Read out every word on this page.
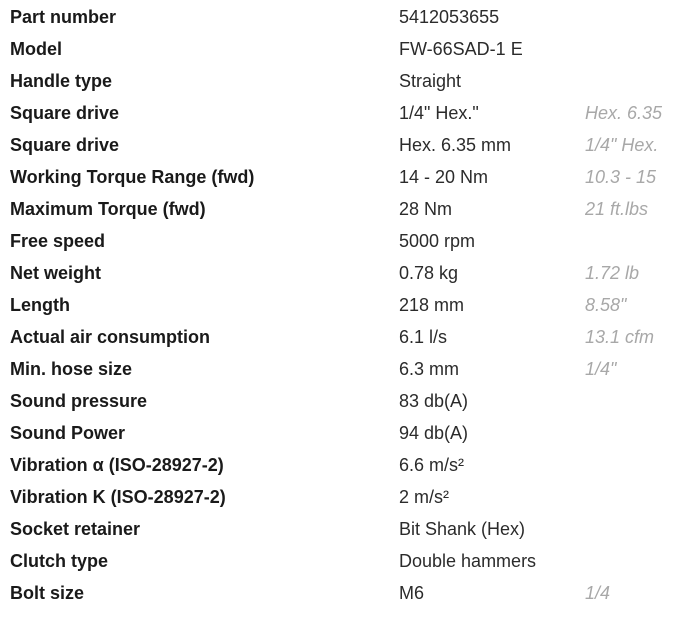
Part number	5412053655
Model	FW-66SAD-1 E
Handle type	Straight
Square drive	1/4" Hex."	Hex. 6.35
Square drive	Hex. 6.35 mm	1/4" Hex.
Working Torque Range (fwd)	14 - 20 Nm	10.3 - 15
Maximum Torque (fwd)	28 Nm	21 ft.lbs
Free speed	5000 rpm
Net weight	0.78 kg	1.72 lb
Length	218 mm	8.58"
Actual air consumption	6.1 l/s	13.1 cfm
Min. hose size	6.3 mm	1/4"
Sound pressure	83 db(A)
Sound Power	94 db(A)
Vibration α (ISO-28927-2)	6.6 m/s²
Vibration K (ISO-28927-2)	2 m/s²
Socket retainer	Bit Shank (Hex)
Clutch type	Double hammers
Bolt size	M6	1/4
